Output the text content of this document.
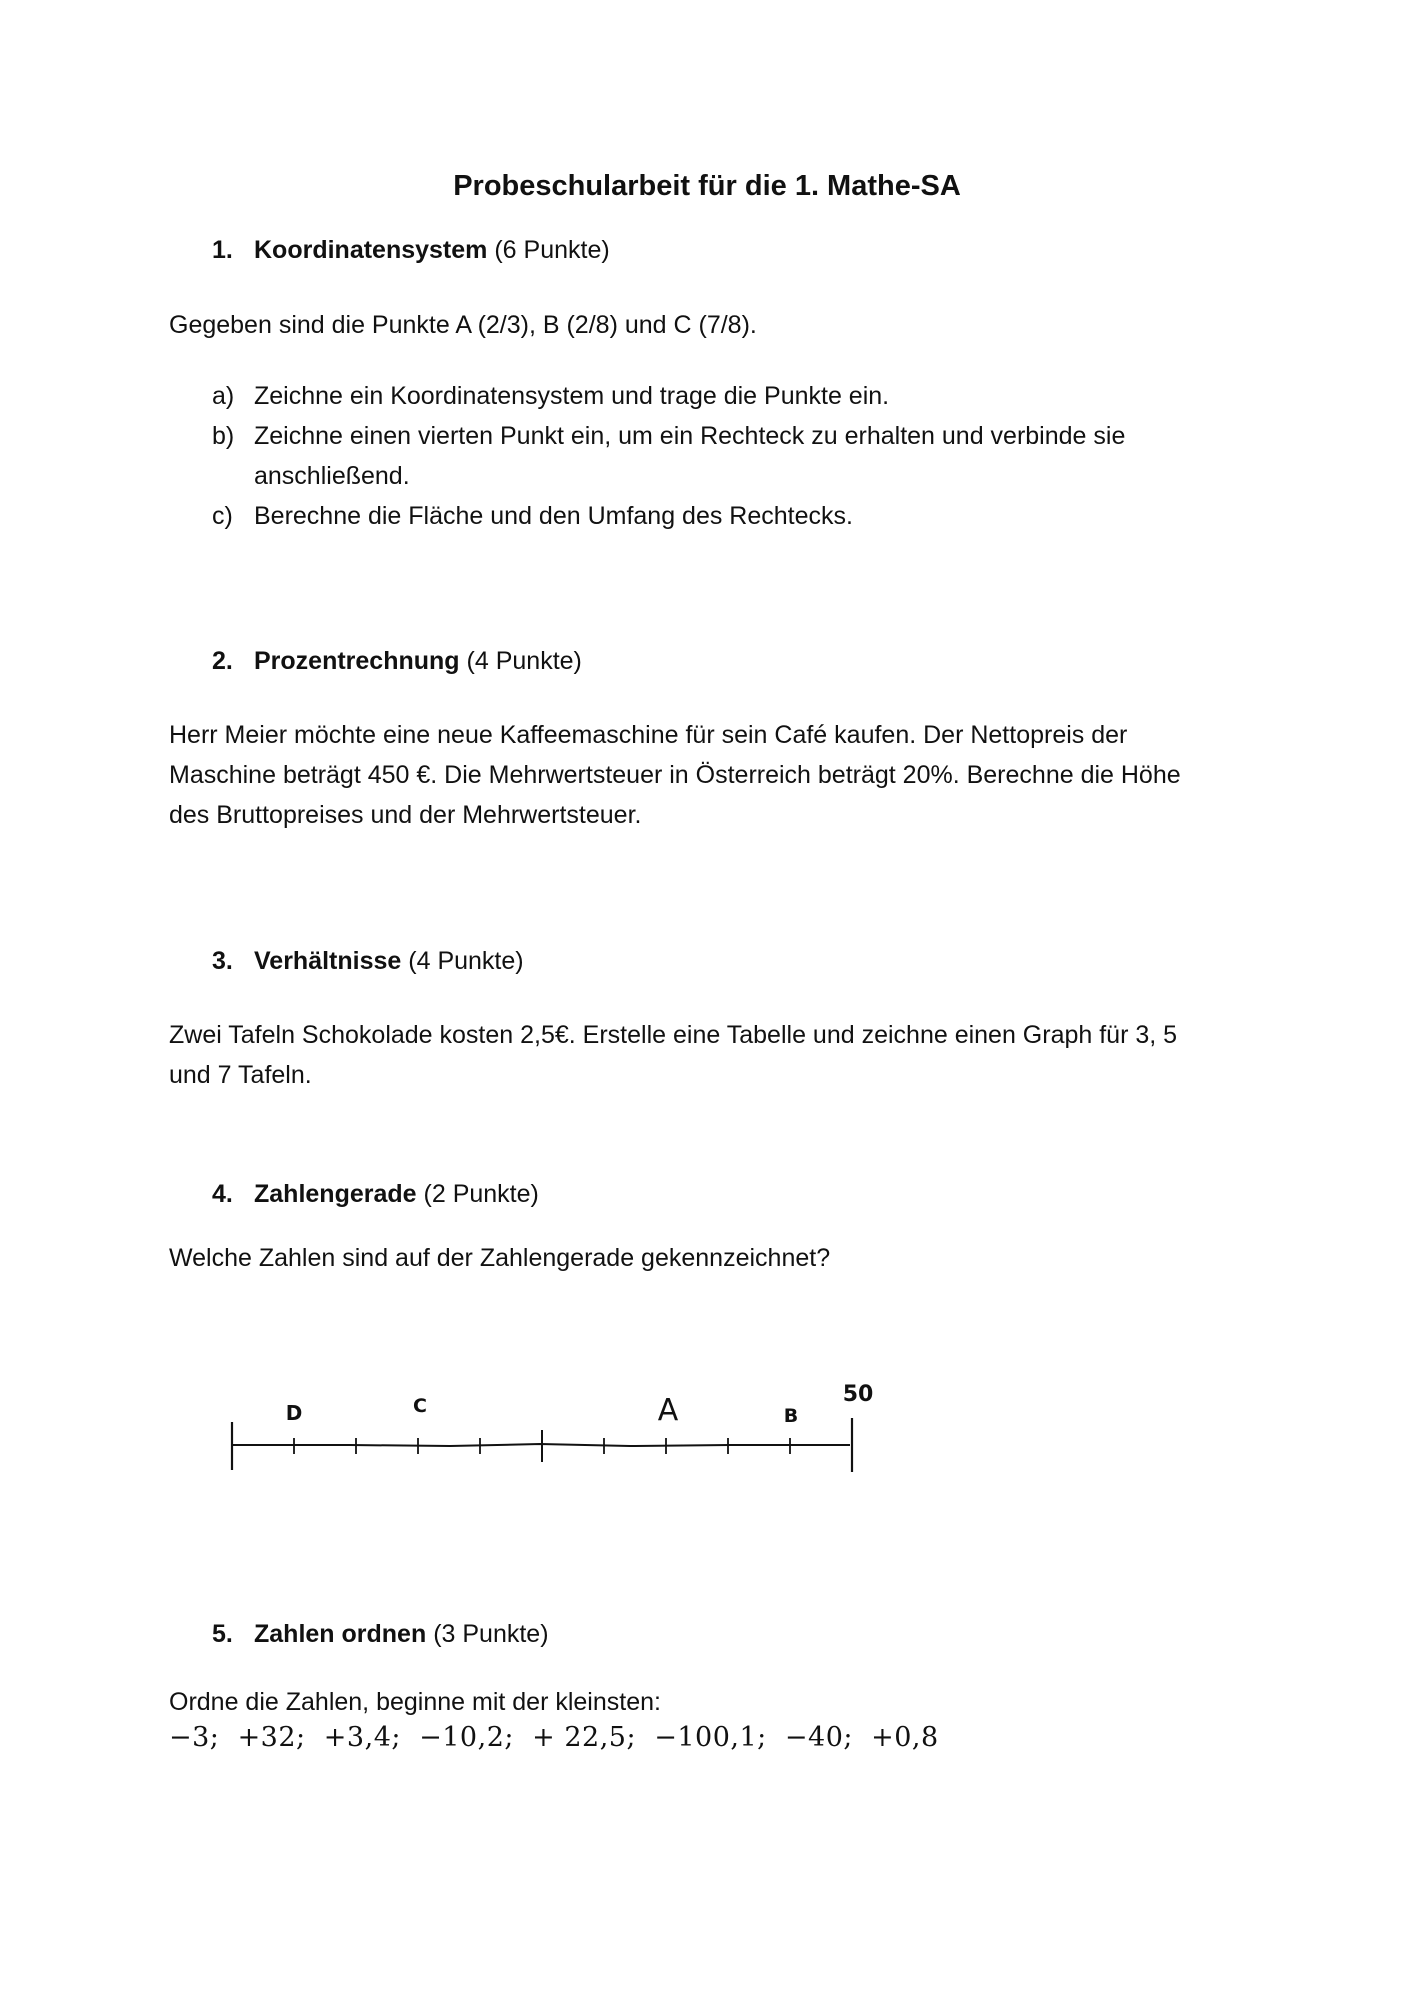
Probeschularbeit für die 1. Mathe-SA
1. Koordinatensystem (6 Punkte)
Gegeben sind die Punkte A (2/3), B (2/8) und C (7/8).
a) Zeichne ein Koordinatensystem und trage die Punkte ein.
b) Zeichne einen vierten Punkt ein, um ein Rechteck zu erhalten und verbinde sie
anschließend.
c) Berechne die Fläche und den Umfang des Rechtecks.
2. Prozentrechnung (4 Punkte)
Herr Meier möchte eine neue Kaffeemaschine für sein Café kaufen. Der Nettopreis der
Maschine beträgt 450 €. Die Mehrwertsteuer in Österreich beträgt 20%. Berechne die Höhe
des Bruttopreises und der Mehrwertsteuer.
3. Verhältnisse (4 Punkte)
Zwei Tafeln Schokolade kosten 2,5€. Erstelle eine Tabelle und zeichne einen Graph für 3, 5
und 7 Tafeln.
4. Zahlengerade (2 Punkte)
Welche Zahlen sind auf der Zahlengerade gekennzeichnet?
D	C	A	B
50
5. Zahlen ordnen (3 Punkte)
Ordne die Zahlen, beginne mit der kleinsten:
−3;  +32;  +3,4;  −10,2;  + 22,5;  −100,1;  −40;  +0,8
